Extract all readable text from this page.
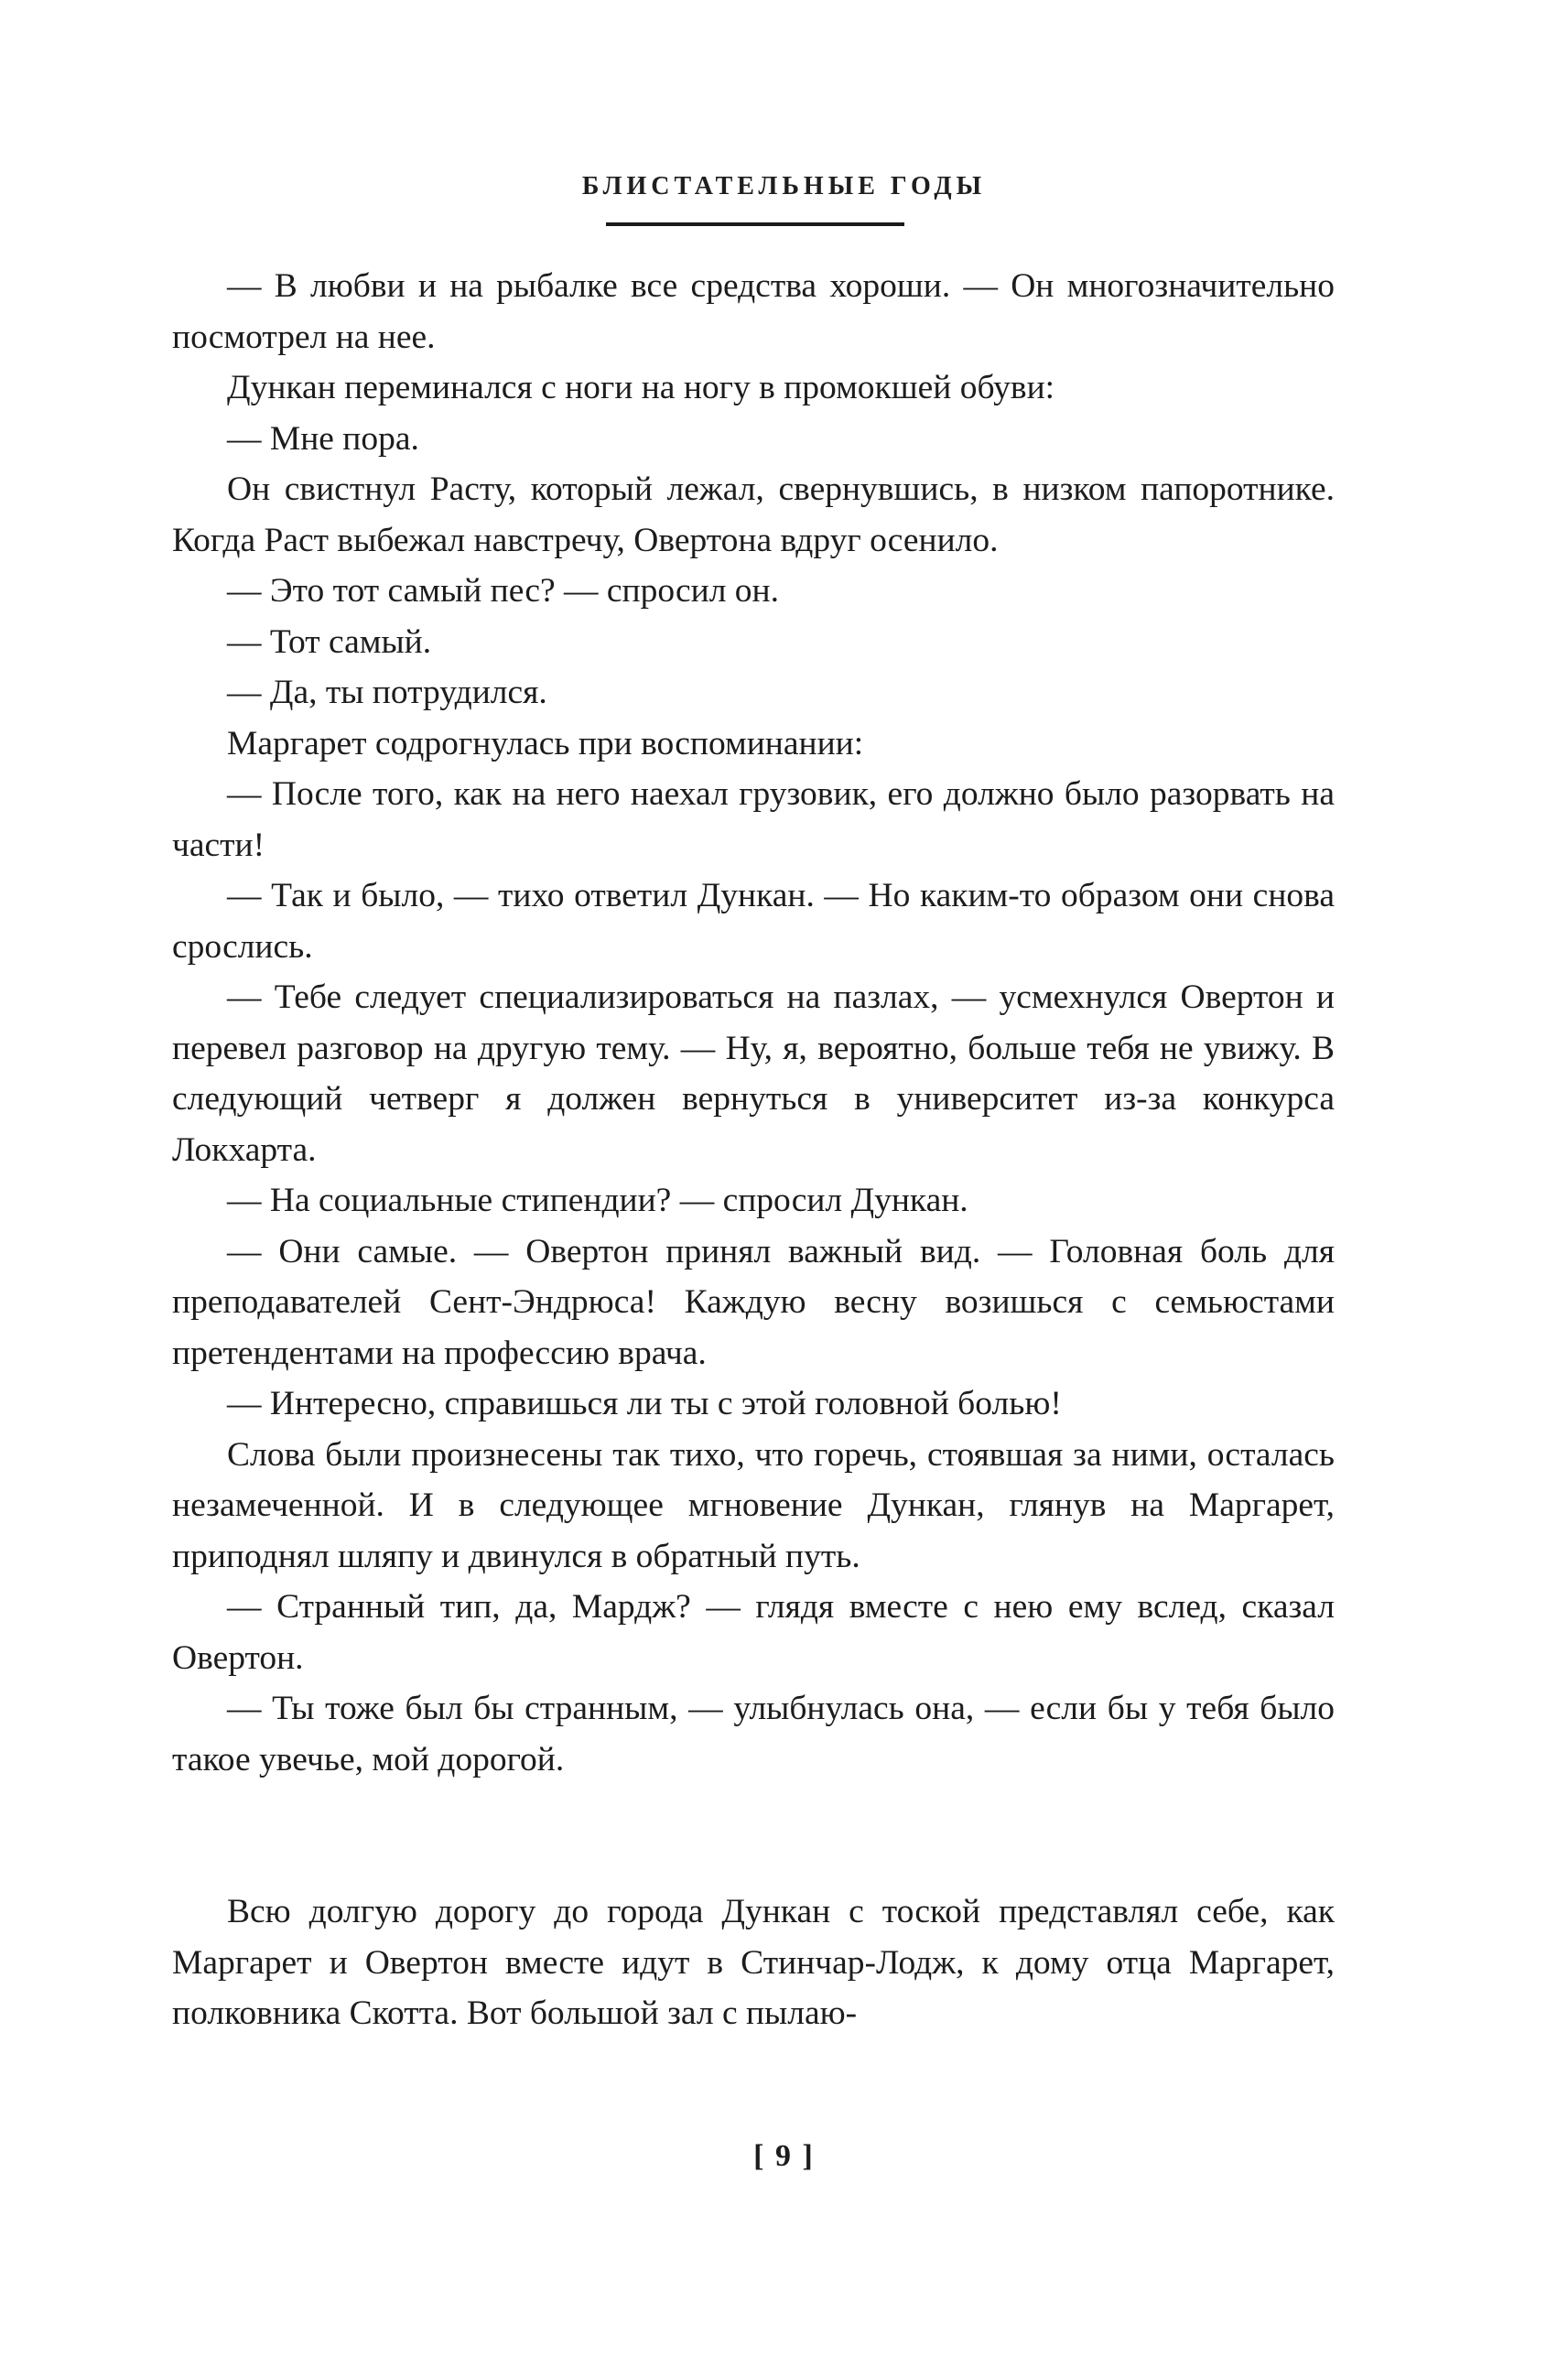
БЛИСТАТЕЛЬНЫЕ ГОДЫ

— В любви и на рыбалке все средства хороши. — Он многозначительно посмотрел на нее.

Дункан переминался с ноги на ногу в промокшей обуви:

— Мне пора.

Он свистнул Расту, который лежал, свернувшись, в низком папоротнике. Когда Раст выбежал навстречу, Овертона вдруг осенило.

— Это тот самый пес? — спросил он.

— Тот самый.

— Да, ты потрудился.

Маргарет содрогнулась при воспоминании:

— После того, как на него наехал грузовик, его должно было разорвать на части!

— Так и было, — тихо ответил Дункан. — Но каким-то образом они снова срослись.

— Тебе следует специализироваться на пазлах, — усмехнулся Овертон и перевел разговор на другую тему. — Ну, я, вероятно, больше тебя не увижу. В следующий четверг я должен вернуться в университет из-за конкурса Локхарта.

— На социальные стипендии? — спросил Дункан.

— Они самые. — Овертон принял важный вид. — Головная боль для преподавателей Сент-Эндрюса! Каждую весну возишься с семьюстами претендентами на профессию врача.

— Интересно, справишься ли ты с этой головной болью!

Слова были произнесены так тихо, что горечь, стоявшая за ними, осталась незамеченной. И в следующее мгновение Дункан, глянув на Маргарет, приподнял шляпу и двинулся в обратный путь.

— Странный тип, да, Мардж? — глядя вместе с нею ему вслед, сказал Овертон.

— Ты тоже был бы странным, — улыбнулась она, — если бы у тебя было такое увечье, мой дорогой.

Всю долгую дорогу до города Дункан с тоской представлял себе, как Маргарет и Овертон вместе идут в Стинчар-Лодж, к дому отца Маргарет, полковника Скотта. Вот большой зал с пылаю-

[ 9 ]
